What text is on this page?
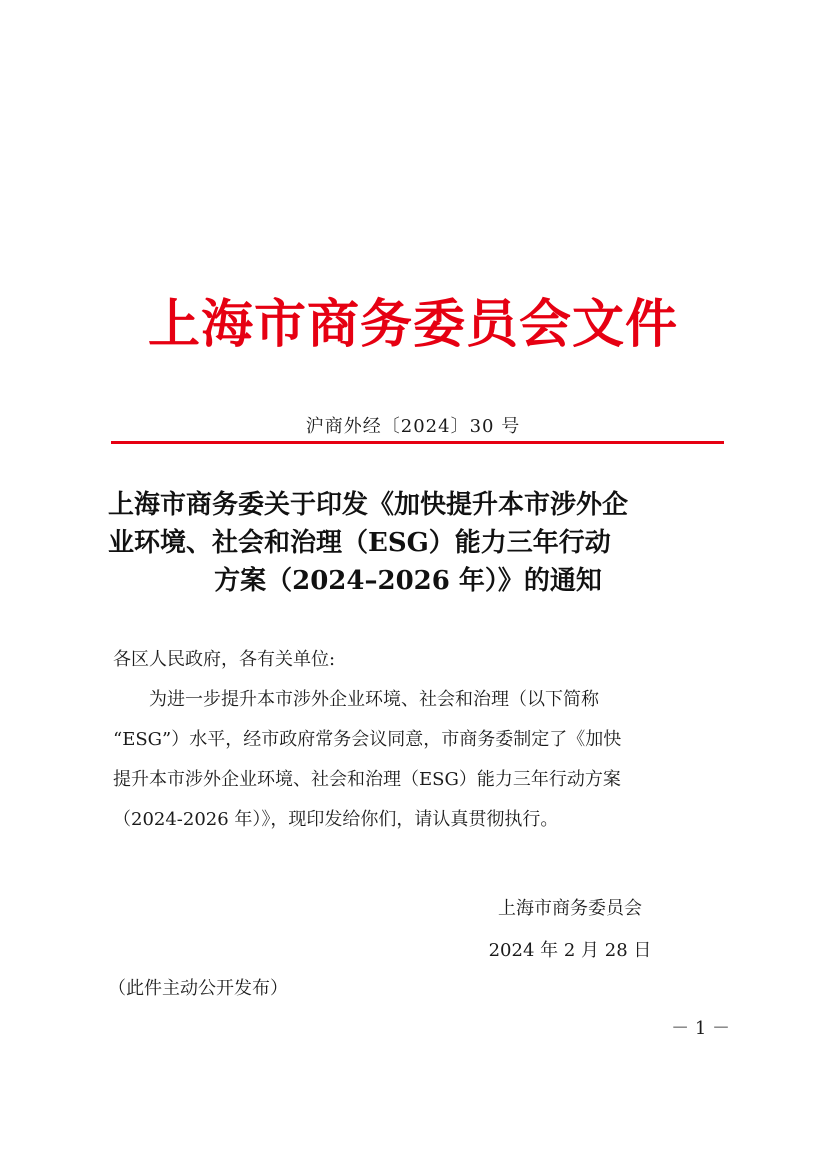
上海市商务委员会文件
沪商外经〔2024〕30 号
上海市商务委关于印发《加快提升本市涉外企
业环境、社会和治理（ESG）能力三年行动
方案（2024–2026 年）》的通知
各区人民政府，各有关单位:
为进一步提升本市涉外企业环境、社会和治理（以下简称
“ESG”）水平，经市政府常务会议同意，市商务委制定了《加快
提升本市涉外企业环境、社会和治理（ESG）能力三年行动方案
（2024-2026 年）》，现印发给你们，请认真贯彻执行。
上海市商务委员会
2024 年 2 月 28 日
（此件主动公开发布）
－ 1 －
